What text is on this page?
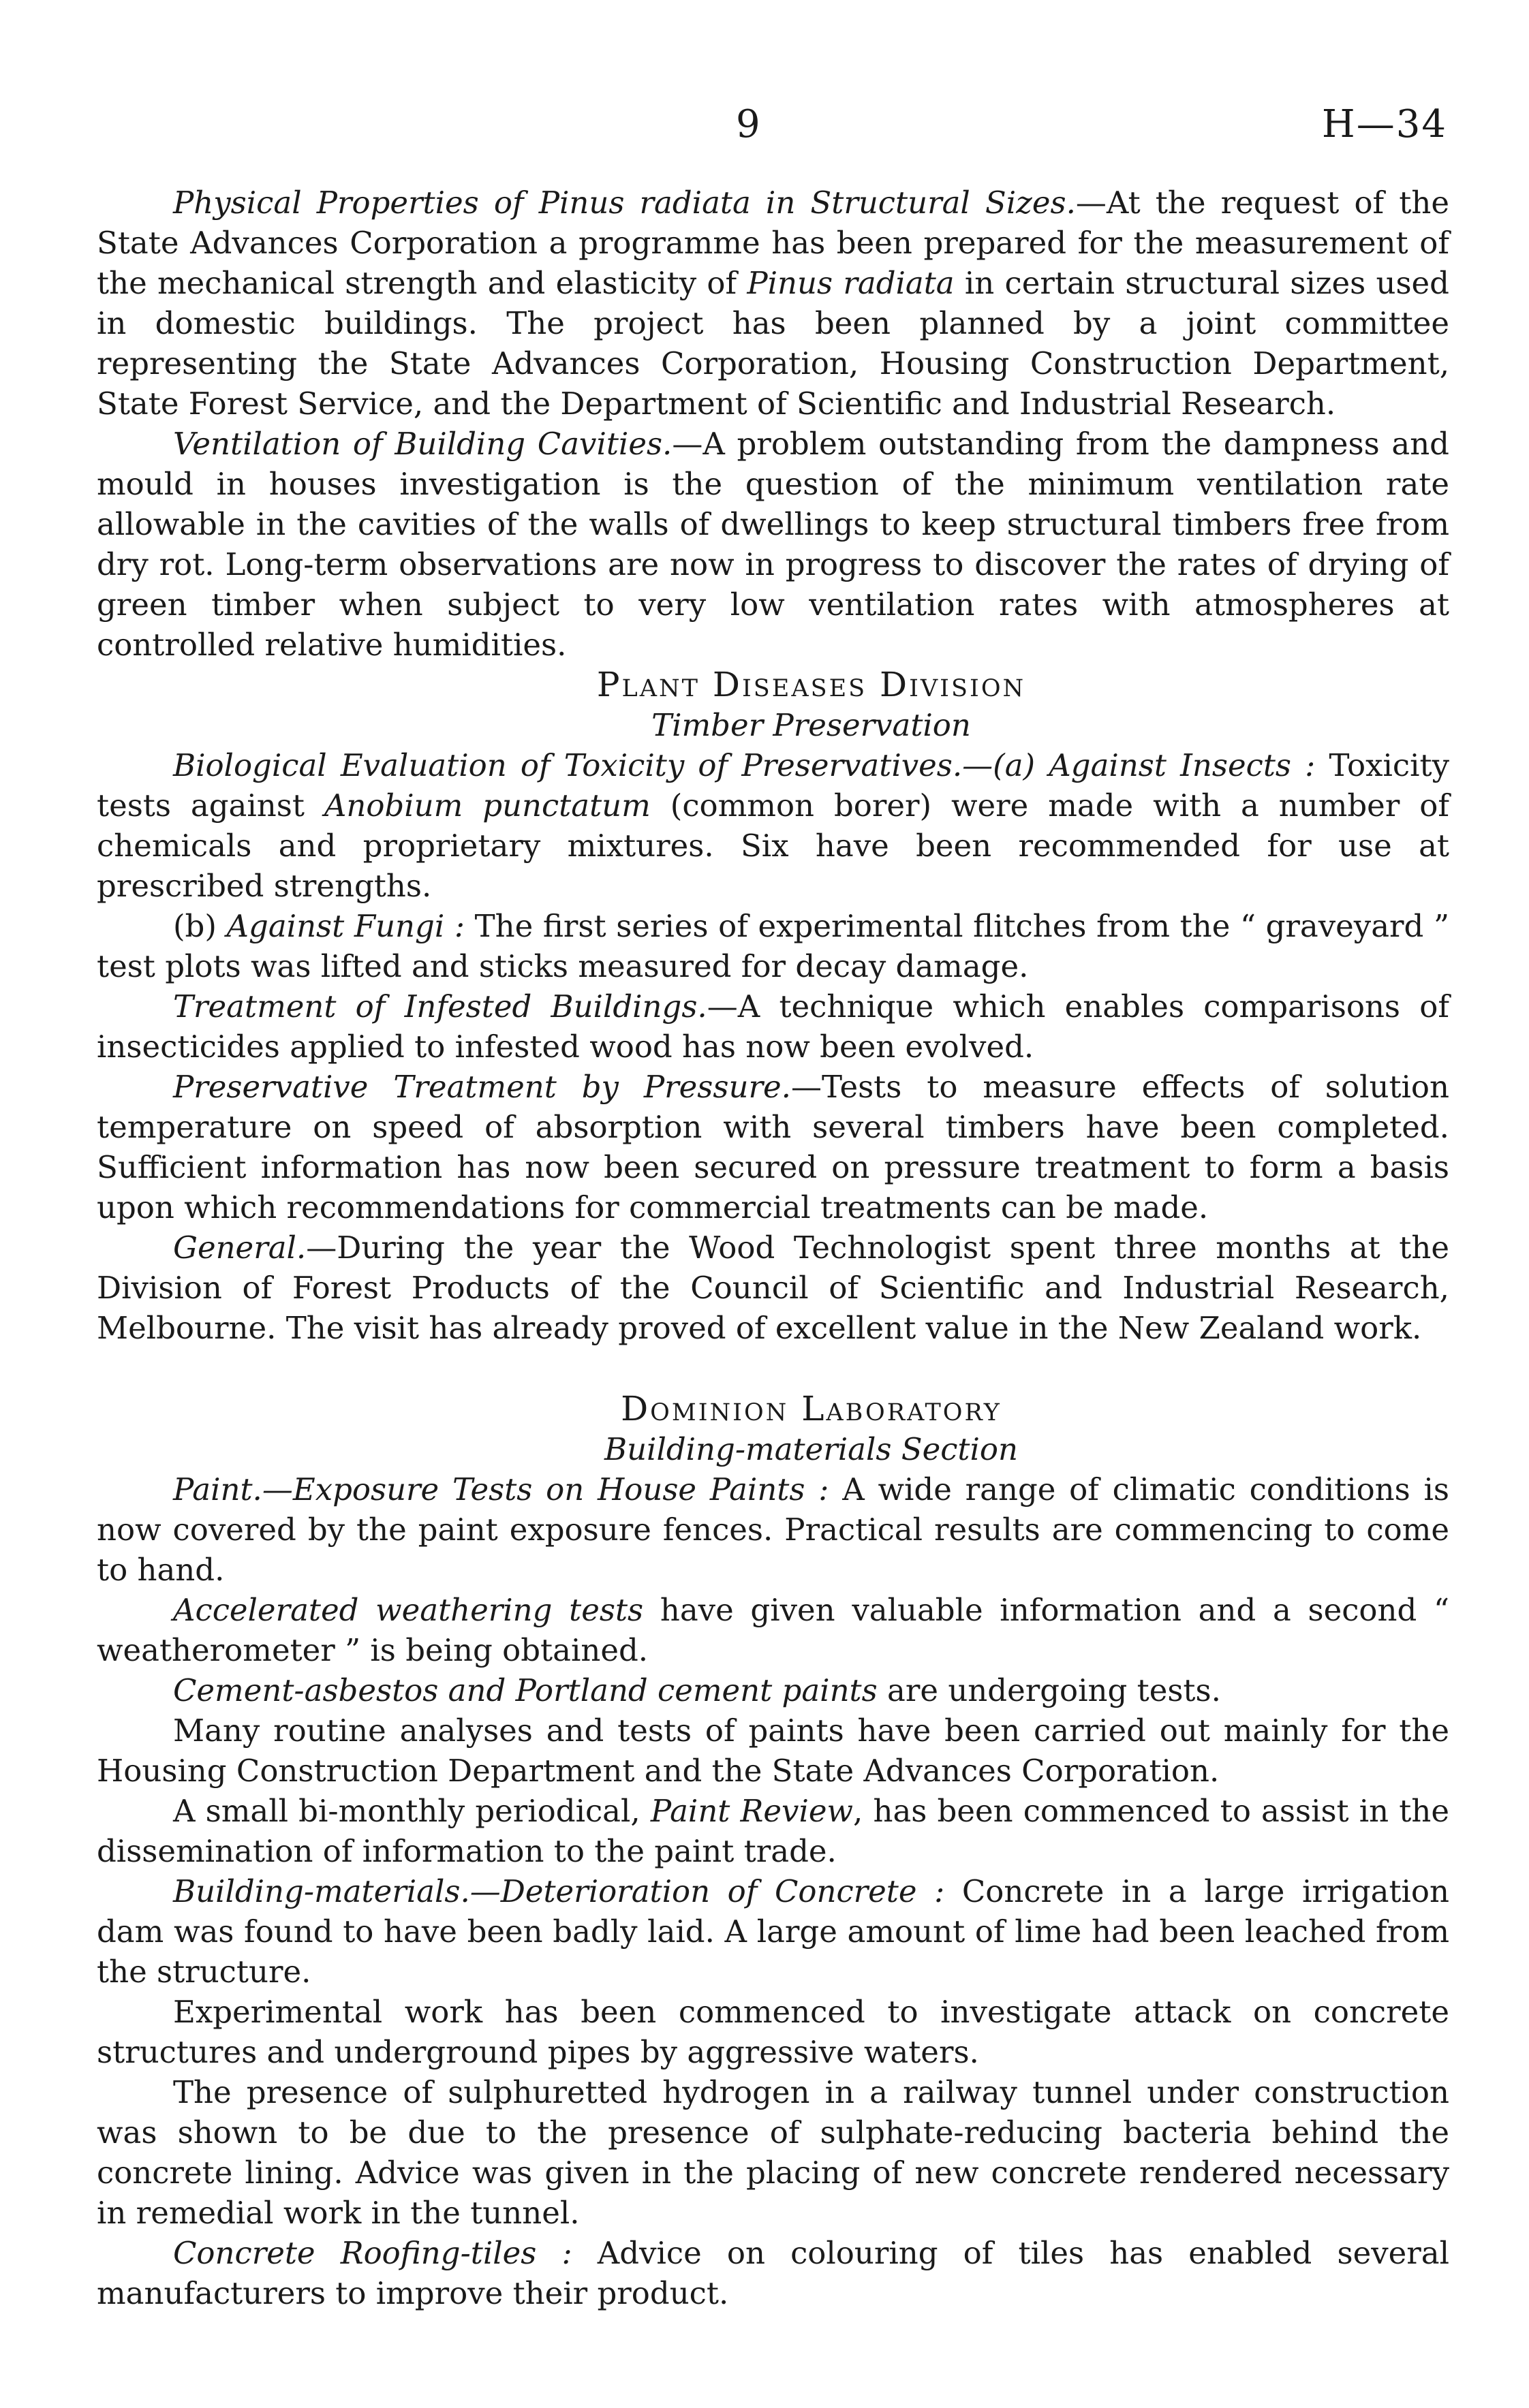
9	H—34

Physical Properties of Pinus radiata in Structural Sizes.—At the request of the State Advances Corporation a programme has been prepared for the measurement of the mechanical strength and elasticity of Pinus radiata in certain structural sizes used in domestic buildings. The project has been planned by a joint committee representing the State Advances Corporation, Housing Construction Department, State Forest Service, and the Department of Scientific and Industrial Research.

Ventilation of Building Cavities.—A problem outstanding from the dampness and mould in houses investigation is the question of the minimum ventilation rate allowable in the cavities of the walls of dwellings to keep structural timbers free from dry rot. Long-term observations are now in progress to discover the rates of drying of green timber when subject to very low ventilation rates with atmospheres at controlled relative humidities.

Plant Diseases Division

Timber Preservation

Biological Evaluation of Toxicity of Preservatives.—(a) Against Insects : Toxicity tests against Anobium punctatum (common borer) were made with a number of chemicals and proprietary mixtures. Six have been recommended for use at prescribed strengths.

(b) Against Fungi : The first series of experimental flitches from the “ graveyard ” test plots was lifted and sticks measured for decay damage.

Treatment of Infested Buildings.—A technique which enables comparisons of insecticides applied to infested wood has now been evolved.

Preservative Treatment by Pressure.—Tests to measure effects of solution temperature on speed of absorption with several timbers have been completed. Sufficient information has now been secured on pressure treatment to form a basis upon which recommendations for commercial treatments can be made.

General.—During the year the Wood Technologist spent three months at the Division of Forest Products of the Council of Scientific and Industrial Research, Melbourne. The visit has already proved of excellent value in the New Zealand work.

Dominion Laboratory

Building-materials Section

Paint.—Exposure Tests on House Paints : A wide range of climatic conditions is now covered by the paint exposure fences. Practical results are commencing to come to hand.

Accelerated weathering tests have given valuable information and a second “ weatherometer ” is being obtained.

Cement-asbestos and Portland cement paints are undergoing tests.

Many routine analyses and tests of paints have been carried out mainly for the Housing Construction Department and the State Advances Corporation.

A small bi-monthly periodical, Paint Review, has been commenced to assist in the dissemination of information to the paint trade.

Building-materials.—Deterioration of Concrete : Concrete in a large irrigation dam was found to have been badly laid. A large amount of lime had been leached from the structure.

Experimental work has been commenced to investigate attack on concrete structures and underground pipes by aggressive waters.

The presence of sulphuretted hydrogen in a railway tunnel under construction was shown to be due to the presence of sulphate-reducing bacteria behind the concrete lining. Advice was given in the placing of new concrete rendered necessary in remedial work in the tunnel.

Concrete Roofing-tiles : Advice on colouring of tiles has enabled several manufacturers to improve their product.
